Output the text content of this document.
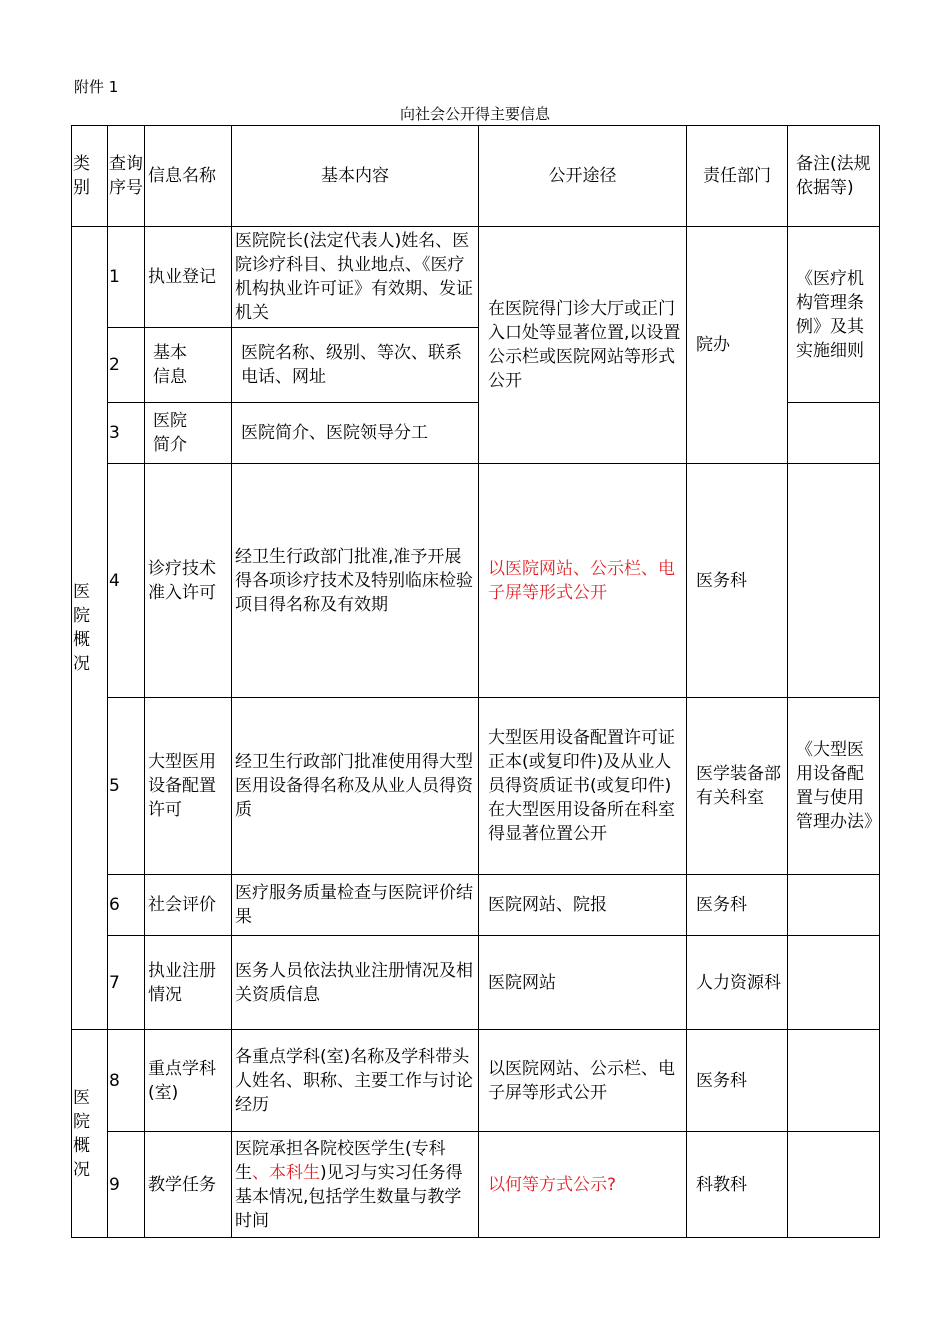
附件 1
向社会公开得主要信息
类别	查询序号	信息名称	基本内容	公开途径	责任部门	备注(法规依据等)
医院概况	1	执业登记	医院院长(法定代表人)姓名、医院诊疗科目、执业地点、《医疗机构执业许可证》有效期、发证机关	在医院得门诊大厅或正门入口处等显著位置,以设置公示栏或医院网站等形式公开	院办	《医疗机构管理条例》及其实施细则
	2	基本信息	医院名称、级别、等次、联系电话、网址			
	3	医院简介	医院简介、医院领导分工			
	4	诊疗技术准入许可	经卫生行政部门批准,准予开展得各项诊疗技术及特别临床检验项目得名称及有效期	以医院网站、公示栏、电子屏等形式公开	医务科	
	5	大型医用设备配置许可	经卫生行政部门批准使用得大型医用设备得名称及从业人员得资质	大型医用设备配置许可证正本(或复印件)及从业人员得资质证书(或复印件)在大型医用设备所在科室得显著位置公开	医学装备部有关科室	《大型医用设备配置与使用管理办法》
	6	社会评价	医疗服务质量检查与医院评价结果	医院网站、院报	医务科	
	7	执业注册情况	医务人员依法执业注册情况及相关资质信息	医院网站	人力资源科	
医院概况	8	重点学科(室)	各重点学科(室)名称及学科带头人姓名、职称、主要工作与讨论经历	以医院网站、公示栏、电子屏等形式公开	医务科	
	9	教学任务	医院承担各院校医学生(专科生、本科生)见习与实习任务得基本情况,包括学生数量与教学时间	以何等方式公示?	科教科	
